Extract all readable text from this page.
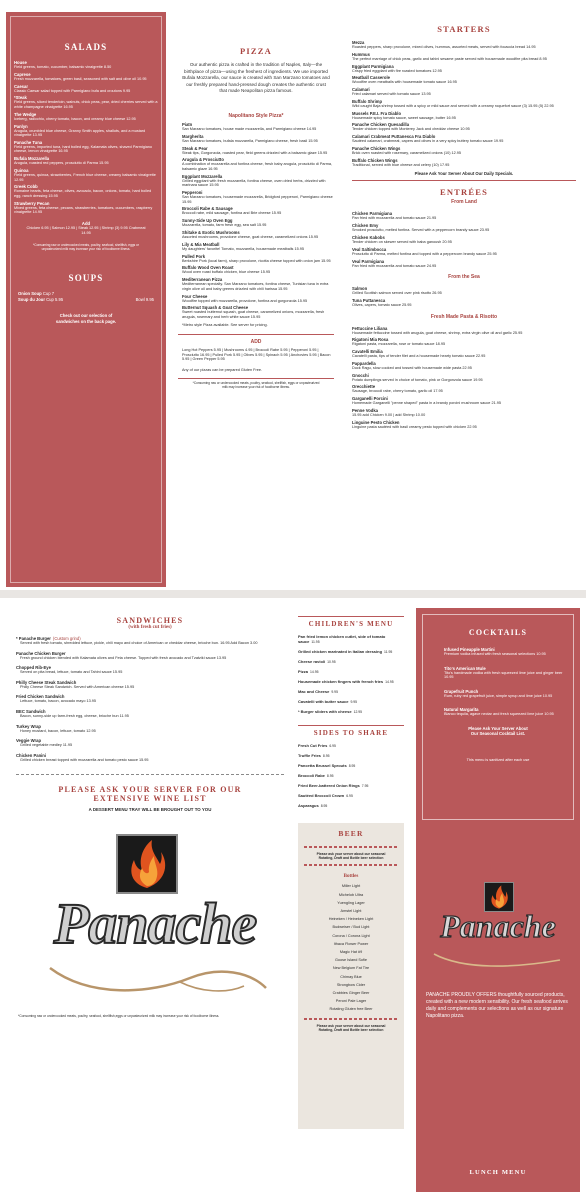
SALADS
House
Field greens, tomato, cucumber, balsamic vinaigrette 8.50
Caprese
Fresh mozzarella, tomatoes, green basil, seasoned with salt and olive oil 10.95
Caesar
Classic Caesar salad topped with Parmigiano bufa and croutons 9.95
*Steak
Field greens, sliced tenderloin, walnuts, chick peas, pear, dried cherries served with a white champagne vinaigrette 16.95
The Wedge
Iceberg, radicchio, cherry tomato, bacon, and creamy blue cheese 12.95
Panlyn
Arugula, crumbled blue cheese, Granny Smith apples, shallots, and a mustard vinaigrette 13.95
Panache Tuna
Field greens, imported tuna, hard boiled egg, Kalamata olives, shaved Parmigiano cheese, lemon vinaigrette 16.95
Bufala Mozzarella
Arugula, roasted red peppers, prosciutto di Parma 15.95
Quinoa
Field greens, quinoa, strawberries, French blue cheese, creamy balsamic vinaigrette 12.95
Greek Cobb
Romaine hearts, feta cheese, olives, avocado, bacon, onions, tomato, hard boiled egg, ranch dressing 15.95
Strawberry Pecan
Mixed greens, feta cheese, pecans, strawberries, tomatoes, cucumbers, raspberry vinaigrette 14.95
Add
Chicken 6.95 | Salmon 12.95 | Steak 12.95 | Shrimp (3) 9.95 Crabmeat 14.95
*Consuming raw or undercooked meats, poultry, seafood, shellfish, eggs or unpasteurized milk may increase your risk of foodborne illness.
SOUPS
Onion Soup Cup 7
Soup du Jour Cup 5.95	Bowl 9.95
Check out our selection of sandwiches on the back page.
PIZZA
Our authentic pizza is crafted in the tradition of Naples, Italy—the birthplace of pizza—using the freshest of ingredients. We use imported Bufala Mozzarella, our sauce is created with San Marzano tomatoes and our freshly prepared hand-pressed dough creates the authentic crust that made Neapolitan pizza famous.
Napolitano Style Pizza*
Piatn
San Marzano tomatoes, house made mozzarella, and Parmigiano cheese 14.95
Margherita
San Marzano tomatoes, bufala mozzarella, Parmigiano cheese, fresh basil 15.95
Steak & Pear
Steak tips, Gorgonzola, roasted pear, field greens drizzled with a balsamic glaze 15.95
Arugula & Prosciutto
A combination of mozzarella and fontina cheese, fresh baby arugula, prosciutto di Parma, balsamic glaze 16.95
Eggplant Mozzarella
Grilled eggplant with fresh mozzarella, fontina cheese, oven dried herbs, drizzled with marinara sauce 15.95
Pepperoni
San Marzano tomatoes, housemade mozzarella, Bridgford pepperoni, Parmigiano cheese 15.95
Broccoli Rabe & Sausage
Broccoli rabe, mild sausage, fontina and Brie cheese 15.95
Sunny-Side Up Oven Egg
Mozzarella, tomato, farm fresh egg, sea salt 15.95
Shitake & Exotic Mushrooms
Assorted mushrooms, provolone cheese, goat cheese, caramelized onions 15.95
Lily & Mia Meatball
My daughters' favorite! Tomato, mozzarella, housemade meatballs 15.95
Pulled Pork
Berkshire Pork (local farm), sharp provolone, ricotta cheese topped with onion jam 15.95
Buffalo Wood Oven Roast
Wood oven roast buffalo chicken, blue cheese 15.95
Mediterranean Pizza
Mediterranean specialty. San Marzano tomatoes, fontina cheese, Tunisian tuna in extra virgin olive oil and baby greens drizzled with chili harissa 15.95
Four Cheese
Woodfire topped with mozzarella, provolone, fontina and gorgonzola 15.95
Butternut Squash & Goat Cheese
Sweet roasted butternut squash, goat cheese, caramelized onions, mozzarella, fresh arugula, rosemary and herb white sauce 15.95
*Metro style Pizza available. See server for pricing.
ADD
Long Hot Peppers 5.95 | Mushrooms 4.95 | Broccoli Rabe 5.95 | Pepperoni 5.95 | Prosciutto 16.95 | Pulled Pork 5.95 | Olives 5.95 | Spinach 5.95 | Anchovies 5.95 | Bacon 5.95 | Green Pepper 5.95
Any of our pizzas can be prepared Gluten Free.
*Consuming raw or undercooked meats, poultry, seafood, shellfish, eggs or unpasteurized milk may increase your risk of foodborne illness.
STARTERS
Mezza
Roasted peppers, sharp provolone, mixed olives, hummus, assorted meats, served with focaccia bread 14.95
Hummus
The perfect marriage of chick peas, garlic and tahini sesame paste served with housemade woodfire pita bread 8.95
Eggplant Parmigiana
Crispy fried eggplant with fire roasted tomatoes 12.95
Meatball Casserole
Woodfire oven meatballs with housemade tomato sauce 16.95
Calamari
Fried calamari served with tomato sauce 13.95
Buffalo Shrimp
Wild caught Baja shrimp tossed with a spicy or mild sauce and served with a creamy roquefort sauce (3) 15.95 (5) 22.95
Mussels P.E.I. Fra Diablo
Housemade spicy tomato sauce, sweet sausage, butter 16.95
Panache Chicken Quesadilla
Tender chicken topped with Monterey Jack and cheddar cheese 10.95
Calamari Crabmeat Puttanesca Fra Diablo
Sautéed calamari, crabmeat, capers and olives in a very spicy buttery tomato sauce 19.95
Panache Chicken Wings
Brick oven roasted with rosemary, caramelized onions (10) 12.95
Buffalo Chicken Wings
Traditional, served with blue cheese and celery (10) 17.95
Please Ask Your Server About Our Daily Specials.
ENTRÉES
From Land
Chicken Parmigiana
Pan fried with mozzarella and tomato sauce 21.95
Chicken Emy
Smoked prosciutto, melted fontina. Served with a peppercorn brandy sauce 23.95
Chicken Kabobs
Tender chicken on skewer served with baba ganoush 20.95
Veal Saltimbocca
Prosciutto di Parma, melted fontina and topped with a peppercorn brandy sauce 25.95
Veal Parmigiana
Pan fried with mozzarella and tomato sauce 24.95
From the Sea
Salmon
Grilled Scottish salmon served over pink risotto 26.95
Tuna Puttanesca
Olives, capers, tomato sauce 25.95
Fresh Made Pasta & Risotto
Fettuccine Liliana
Housemade fettuccine tossed with arugula, goat cheese, shrimp, extra virgin olive oil and garlic 25.95
Rigatoni Mia Rosa
Rigatoni pasta, mozzarella, rose or tomato sauce 18.95
Cavatelli Emilia
Cavatelli pasta, tips of tender filet and a housemade hearty tomato sauce 22.95
Pappardella
Duck Ragu, slow cooked and tossed with housemade wide pasta 22.95
Gnocchi
Potato dumplings served in choice of tomato, pink or Gorgonzola sauce 19.95
Orecchiette
Sausage, broccoli rabe, cherry tomato, garlic oil 17.95
Garganelli Porcini
Homemade Garganelli "penne shaped" pasta in a brandy porcini mushroom sauce 21.95
Penne Vodka
15.95 add Chicken 9.00 | add Shrimp 10.00
Linguine Pesto Chicken
Linguine pasta sautéed with basil creamy pesto topped with chicken 22.95
SANDWICHES
(with fresh cut fries)
* Panache Burger (Custom grind)
Served with fresh tomato, shredded lettuce, pickle, chili mayo and choice of American or cheddar cheese, brioche bun. 16.95 Add Bacon 3.00
Panache Chicken Burger
Fresh ground chicken blended with Kalamata olives and Feta cheese. Topped with fresh avocado and Tzatziki sauce 13.95
Chopped Rib-Eye
Served on pita bread, lettuce, tomato and Tahini sauce 15.95
Philly Cheese Steak Sandwich
Philly Cheese Steak Sandwich. Served with American cheese 15.95
Fried Chicken Sandwich
Lettuce, tomato, bacon, avocado mayo 13.95
BEC Sandwich
Bacon, sunny-side up farm-fresh egg, cheese, brioche bun 11.95
Turkey Wrap
Honey mustard, bacon, lettuce, tomato 12.95
Veggie Wrap
Grilled vegetable medley 11.95
Chicken Panini
Grilled chicken breast topped with mozzarella and tomato pesto sauce 15.95
PLEASE ASK YOUR SERVER FOR OUR
EXTENSIVE WINE LIST
A DESSERT MENU TRAY WILL BE BROUGHT OUT TO YOU
Panache
*Consuming raw or undercooked meats, poultry, seafood, shellfish,eggs or unpasteurized milk may increase your risk of foodborne illness.
CHILDREN'S MENU
Pan fried lemon chicken cutlet, side of tomato sauce 11.95
Grilled chicken marinated in Italian dressing 11.95
Cheese ravioli 10.95
Pizza 14.95
Housemade chicken fingers with french fries 14.95
Mac and Cheese 9.95
Cavatelli with butter sauce 9.95
* Burger sliders with cheese 12.95
SIDES TO SHARE
Fresh Cut Fries 6.95
Truffle Fries 8.95
Pancetta Brussel Sprouts 8.95
Broccoli Rabe 8.95
Fried Beer-battered Onion Rings 7.95
Sautéed Broccoli Crown 6.95
Asparagus 8.95
BEER
Please ask your server about our seasonal Rotating, Draft and Bottle beer selection
Bottles
Miller Light
Michelob Ultra
Yuengling Lager
Amstel Light
Heineken / Heineken Light
Budweiser / Bud Light
Corona / Corona Light
Ithaca Flower Power
Magic Hat #9
Goose Island Sofie
New Belgium Fat Tire
Chimay Blue
Strongbow Cider
Crabbies Ginger Beer
Peroni Pale Lager
Rotating Gluten free Beer
Please ask your server about our seasonal Rotating, Draft and Bottle beer selection
COCKTAILS
Infused Pineapple Martini
Premium vodka infused with fresh seasonal selections 10.95
Tito's American Mule
Tito's handmade vodka with fresh squeezed lime juice and ginger beer 10.95
Grapefruit Punch
Rum, ruby red grapefruit juice, simple syrup and lime juice 10.95
Natural Margarita
Blanco tequila, agave nectar and fresh squeezed lime juice 10.95
Please Ask Your Server About
Our Seasonal Cocktail List.
This menu is sanitized after each use
Panache
PANACHE PROUDLY OFFERS thoughtfully sourced products, created with a new modern sensibility. Our fresh seafood arrives daily and complements our selections as well as our signature Napolitano pizza.
LUNCH MENU
